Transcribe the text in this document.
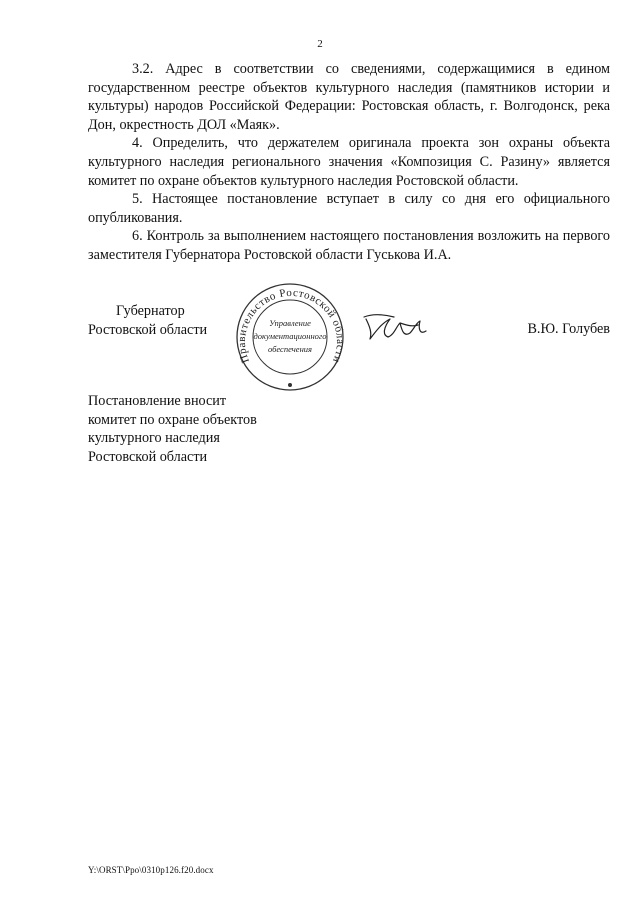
2

3.2. Адрес в соответствии со сведениями, содержащимися в едином государственном реестре объектов культурного наследия (памятников истории и культуры) народов Российской Федерации: Ростовская область, г. Волгодонск, река Дон, окрестность ДОЛ «Маяк».

4. Определить, что держателем оригинала проекта зон охраны объекта культурного наследия регионального значения «Композиция С. Разину» является комитет по охране объектов культурного наследия Ростовской области.

5. Настоящее постановление вступает в силу со дня его официального опубликования.

6. Контроль за выполнением настоящего постановления возложить на первого заместителя Губернатора Ростовской области Гуськова И.А.

Губернатор
Ростовской области
Правительство Ростовской области
Управление
документационного
обеспечения
В.Ю. Голубев
Постановление вносит
комитет по охране объектов
культурного наследия
Ростовской области
Y:\ORST\Ppo\0310p126.f20.docx
